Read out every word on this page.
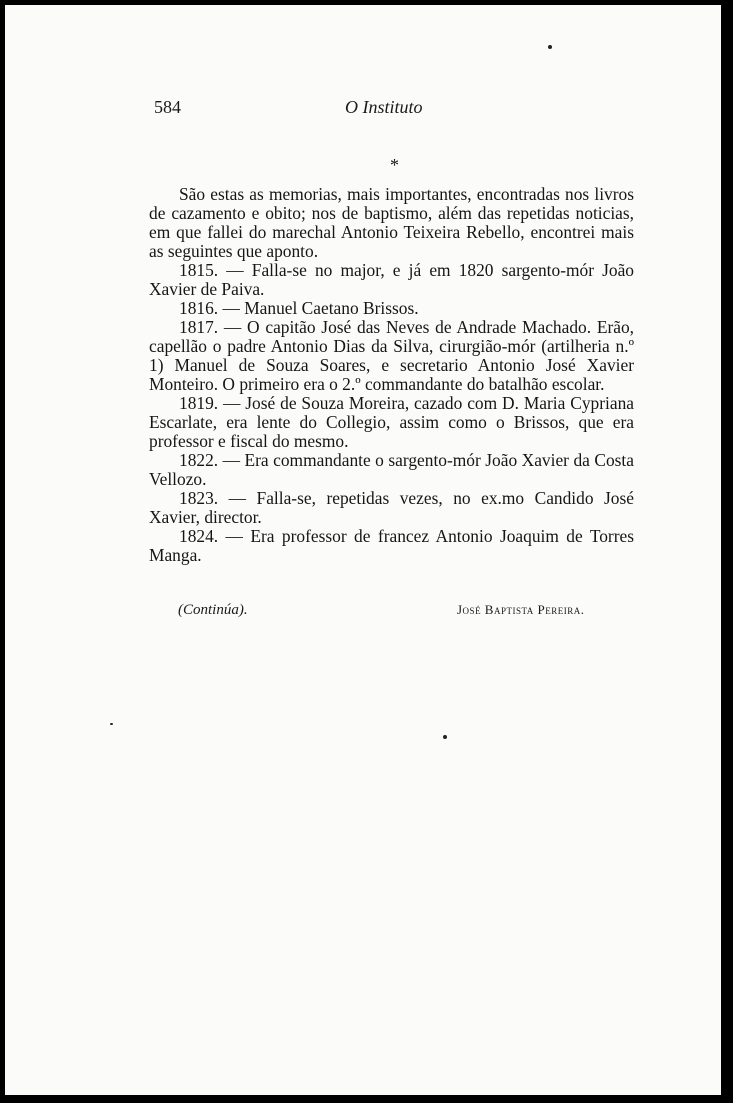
584	O Instituto
*

São estas as memorias, mais importantes, encontradas nos livros de cazamento e obito; nos de baptismo, além das repetidas noticias, em que fallei do marechal Antonio Teixeira Rebello, encontrei mais as seguintes que aponto.

1815. — Falla-se no major, e já em 1820 sargento-mór João Xavier de Paiva.

1816. — Manuel Caetano Brissos.

1817. — O capitão José das Neves de Andrade Machado. Erão, capellão o padre Antonio Dias da Silva, cirurgião-mór (artilheria n.º 1) Manuel de Souza Soares, e secretario Antonio José Xavier Monteiro. O primeiro era o 2.º commandante do batalhão escolar.

1819. — José de Souza Moreira, cazado com D. Maria Cypriana Escarlate, era lente do Collegio, assim como o Brissos, que era professor e fiscal do mesmo.

1822. — Era commandante o sargento-mór João Xavier da Costa Vellozo.

1823. — Falla-se, repetidas vezes, no ex.mo Candido José Xavier, director.

1824. — Era professor de francez Antonio Joaquim de Torres Manga.

(Continúa).	José Baptista Pereira.
